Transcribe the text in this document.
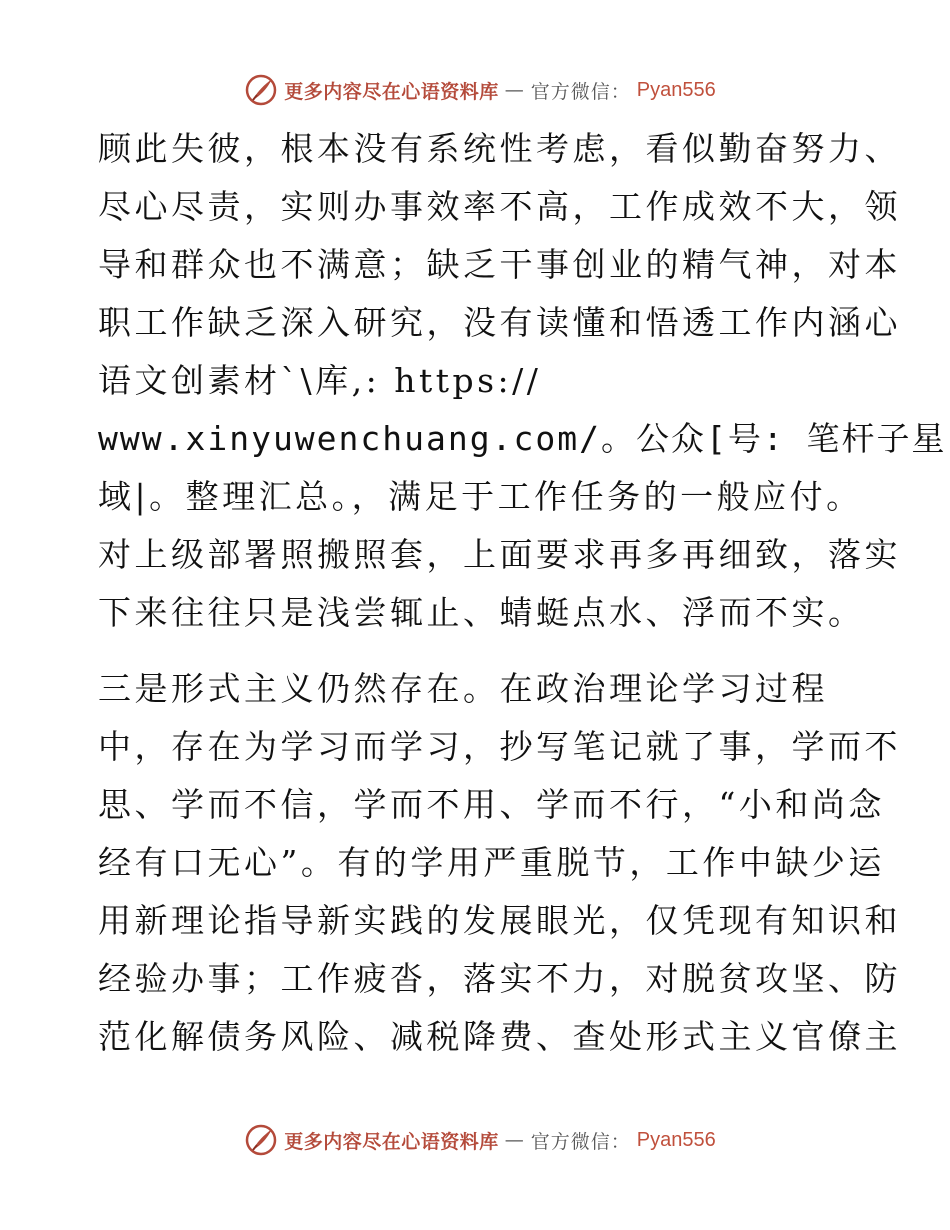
更多内容尽在心语资料库 — 官方微信： Pyan556
顾此失彼，根本没有系统性考虑，看似勤奋努力、
尽心尽责，实则办事效率不高，工作成效不大，领
导和群众也不满意；缺乏干事创业的精气神，对本
职工作缺乏深入研究，没有读懂和悟透工作内涵心
语文创素材`\库,: https://
www.xinyuwenchuang.com/。公众[号: 笔杆子星
域|。整理汇总。，满足于工作任务的一般应付。
对上级部署照搬照套，上面要求再多再细致，落实
下来往往只是浅尝辄止、蜻蜓点水、浮而不实。
三是形式主义仍然存在。在政治理论学习过程
中，存在为学习而学习，抄写笔记就了事，学而不
思、学而不信，学而不用、学而不行，“小和尚念
经有口无心”。有的学用严重脱节，工作中缺少运
用新理论指导新实践的发展眼光，仅凭现有知识和
经验办事；工作疲沓，落实不力，对脱贫攻坚、防
范化解债务风险、减税降费、查处形式主义官僚主
更多内容尽在心语资料库 — 官方微信： Pyan556
